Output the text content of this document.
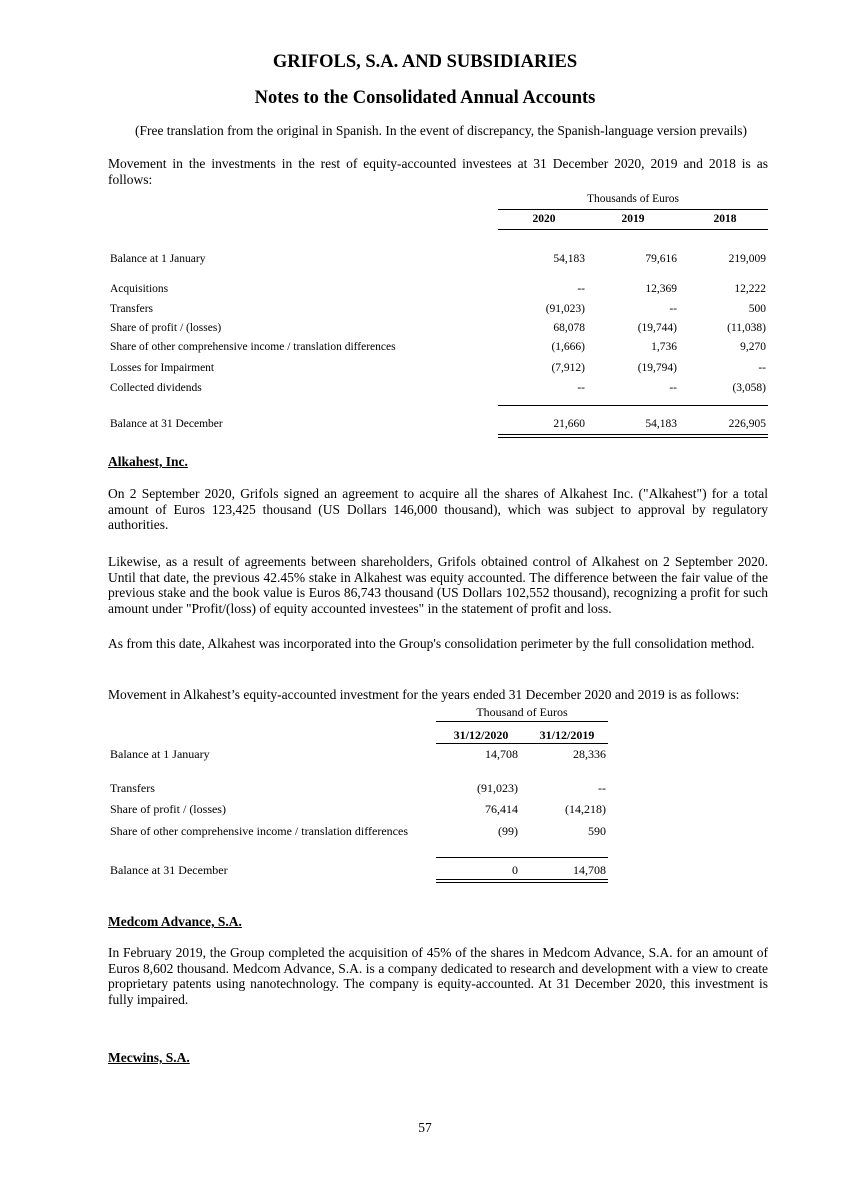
GRIFOLS, S.A. AND SUBSIDIARIES
Notes to the Consolidated Annual Accounts
(Free translation from the original in Spanish. In the event of discrepancy, the Spanish-language version prevails)
Movement in the investments in the rest of equity-accounted investees at 31 December 2020, 2019 and 2018 is as follows:
Thousands of Euros
2020	2019	2018
Balance at 1 January	54,183	79,616	219,009
Acquisitions	--	12,369	12,222
Transfers	(91,023)	--	500
Share of profit / (losses)	68,078	(19,744)	(11,038)
Share of other comprehensive income / translation differences	(1,666)	1,736	9,270
Losses for Impairment	(7,912)	(19,794)	--
Collected dividends	--	--	(3,058)
Balance at 31 December	21,660	54,183	226,905
Alkahest, Inc.
On 2 September 2020, Grifols signed an agreement to acquire all the shares of Alkahest Inc. ("Alkahest") for a total amount of Euros 123,425 thousand (US Dollars 146,000 thousand), which was subject to approval by regulatory authorities.
Likewise, as a result of agreements between shareholders, Grifols obtained control of Alkahest on 2 September 2020. Until that date, the previous 42.45% stake in Alkahest was equity accounted. The difference between the fair value of the previous stake and the book value is Euros 86,743 thousand (US Dollars 102,552 thousand), recognizing a profit for such amount under "Profit/(loss) of equity accounted investees" in the statement of profit and loss.
As from this date, Alkahest was incorporated into the Group's consolidation perimeter by the full consolidation method.
Movement in Alkahest’s equity-accounted investment for the years ended 31 December 2020 and 2019 is as follows:
Thousand of Euros
31/12/2020	31/12/2019
Balance at 1 January	14,708	28,336
Transfers	(91,023)	--
Share of profit / (losses)	76,414	(14,218)
Share of other comprehensive income / translation differences	(99)	590
Balance at 31 December	0	14,708
Medcom Advance, S.A.
In February 2019, the Group completed the acquisition of 45% of the shares in Medcom Advance, S.A. for an amount of Euros 8,602 thousand. Medcom Advance, S.A. is a company dedicated to research and development with a view to create proprietary patents using nanotechnology. The company is equity-accounted. At 31 December 2020, this investment is fully impaired.
Mecwins, S.A.
57
